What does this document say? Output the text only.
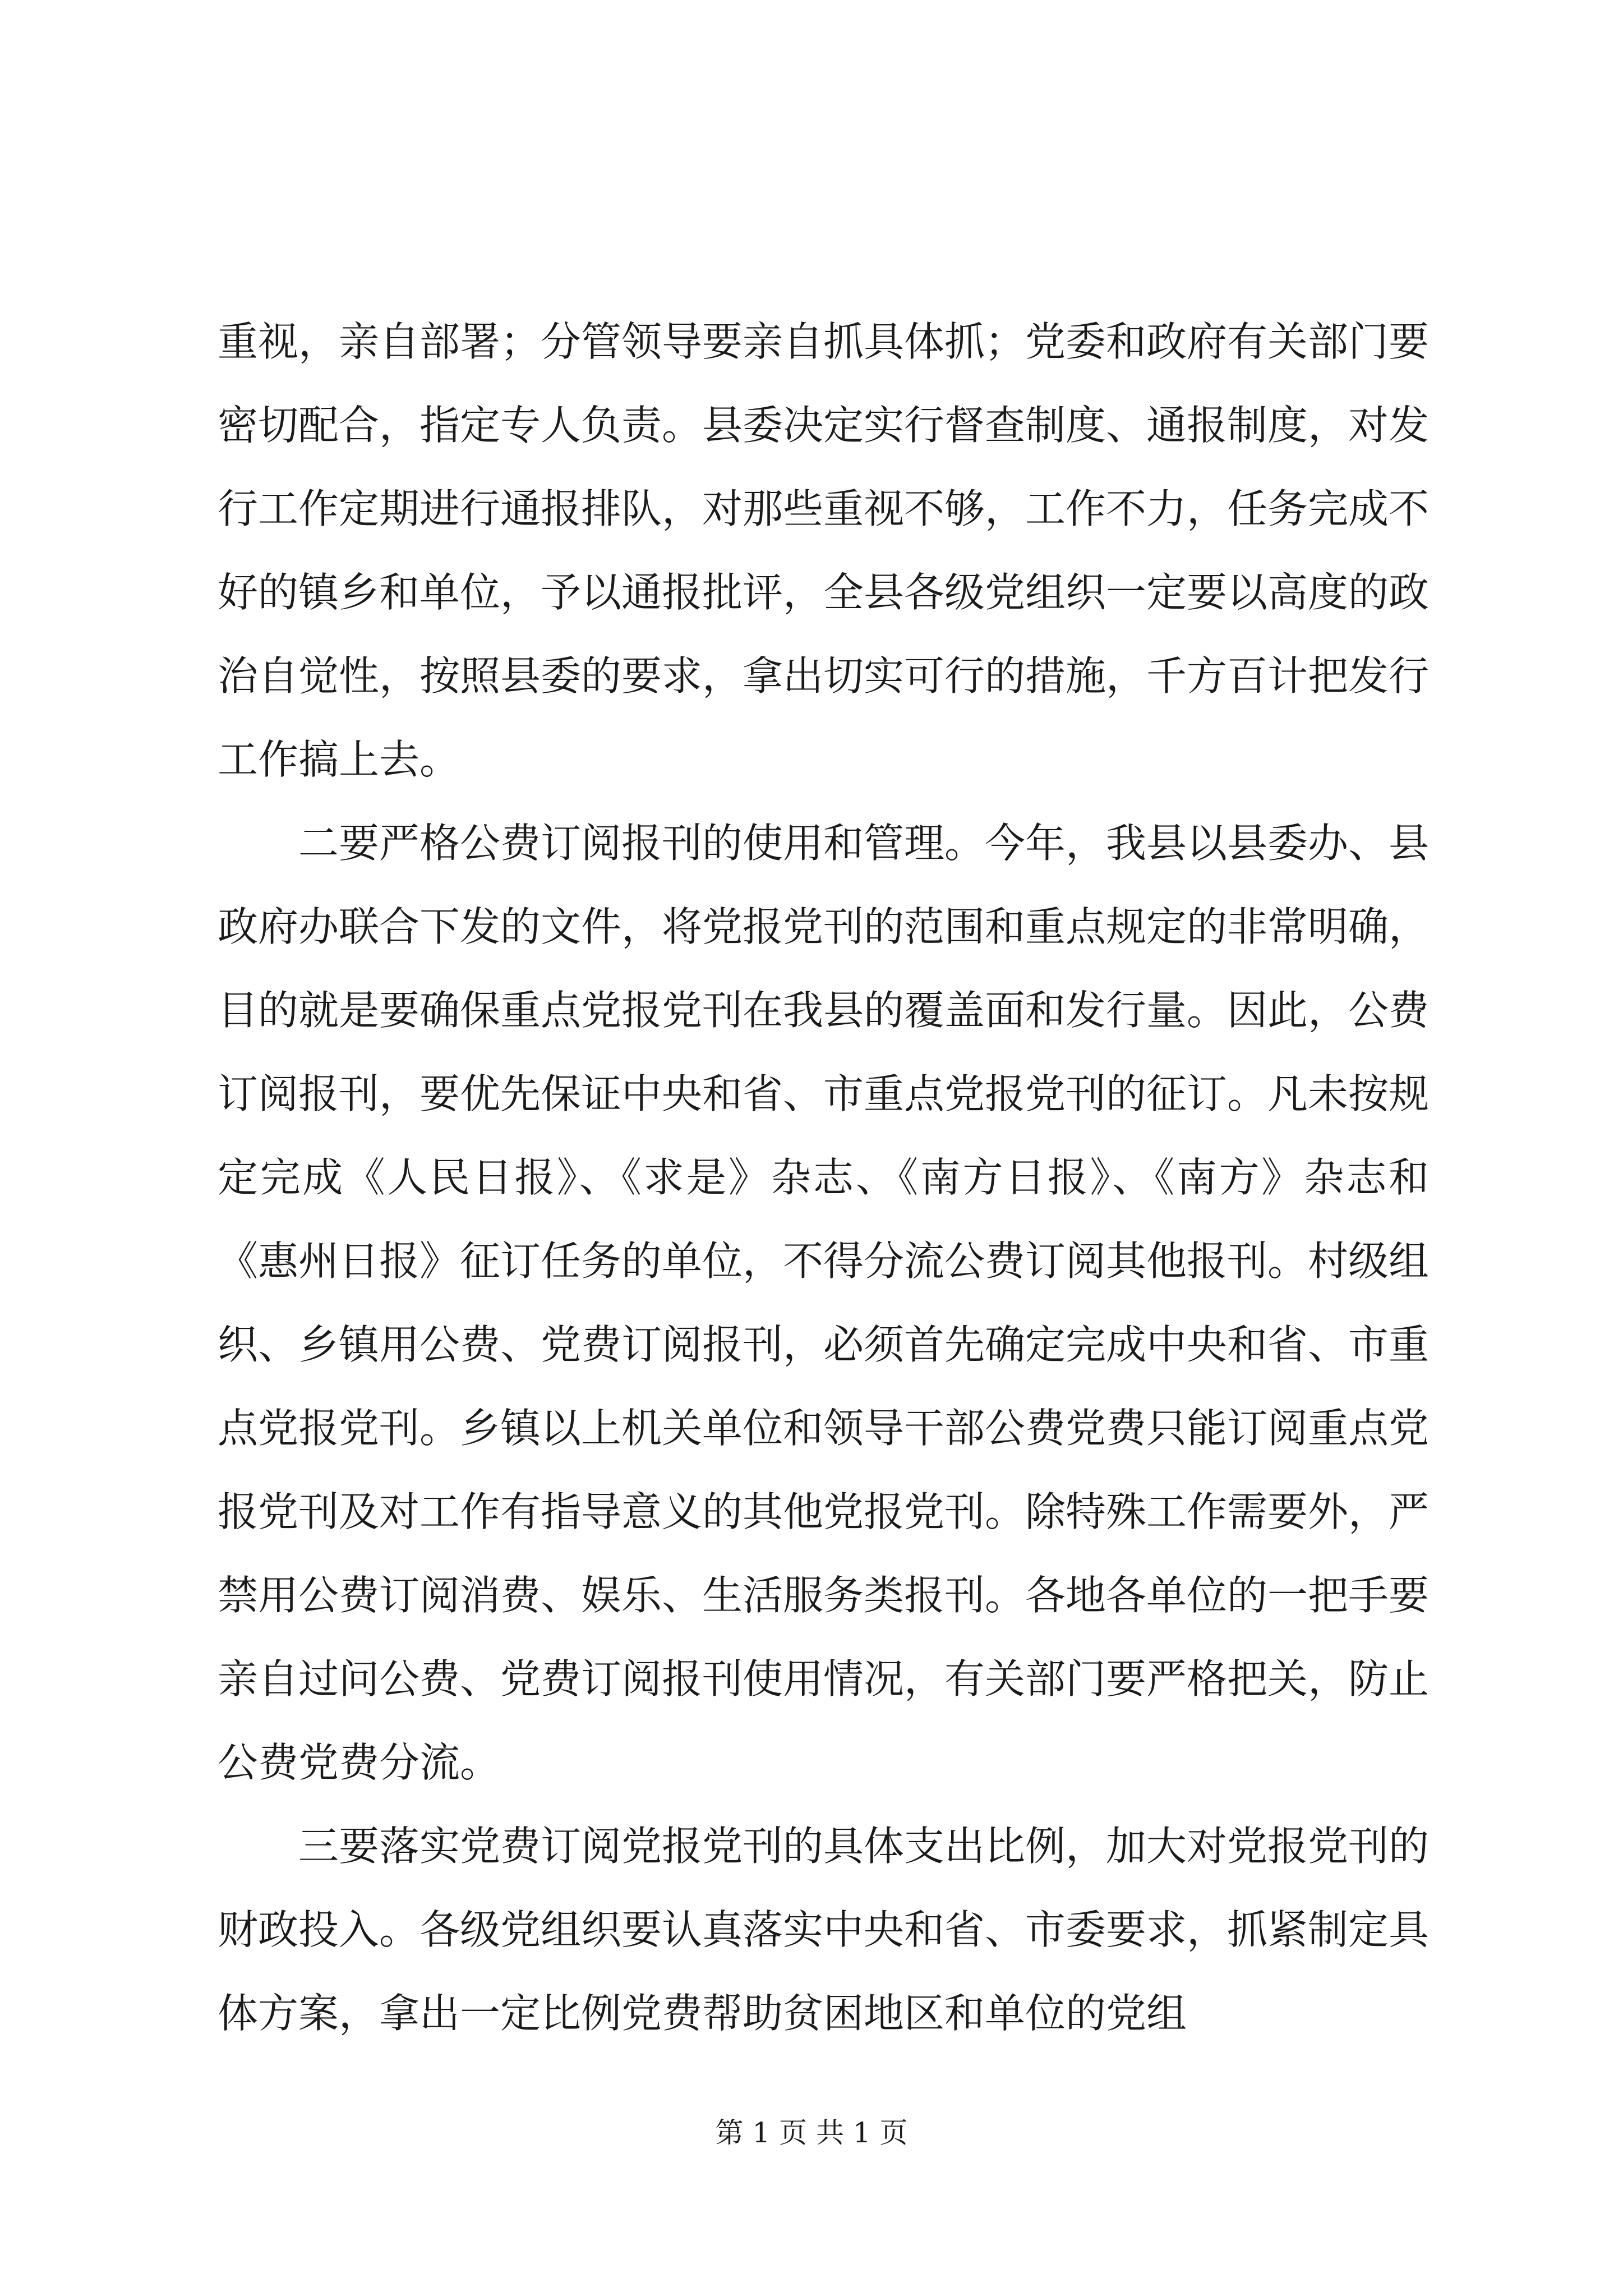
重视，亲自部署；分管领导要亲自抓具体抓；党委和政府有关部门要密切配合，指定专人负责。县委决定实行督查制度、通报制度，对发行工作定期进行通报排队，对那些重视不够，工作不力，任务完成不好的镇乡和单位，予以通报批评，全县各级党组织一定要以高度的政治自觉性，按照县委的要求，拿出切实可行的措施，千方百计把发行工作搞上去。

二要严格公费订阅报刊的使用和管理。今年，我县以县委办、县政府办联合下发的文件，将党报党刊的范围和重点规定的非常明确，目的就是要确保重点党报党刊在我县的覆盖面和发行量。因此，公费订阅报刊，要优先保证中央和省、市重点党报党刊的征订。凡未按规定完成《人民日报》、《求是》杂志、《南方日报》、《南方》杂志和《惠州日报》征订任务的单位，不得分流公费订阅其他报刊。村级组织、乡镇用公费、党费订阅报刊，必须首先确定完成中央和省、市重点党报党刊。乡镇以上机关单位和领导干部公费党费只能订阅重点党报党刊及对工作有指导意义的其他党报党刊。除特殊工作需要外，严禁用公费订阅消费、娱乐、生活服务类报刊。各地各单位的一把手要亲自过问公费、党费订阅报刊使用情况，有关部门要严格把关，防止公费党费分流。

三要落实党费订阅党报党刊的具体支出比例，加大对党报党刊的财政投入。各级党组织要认真落实中央和省、市委要求，抓紧制定具体方案，拿出一定比例党费帮助贫困地区和单位的党组

第 1 页 共 1 页
